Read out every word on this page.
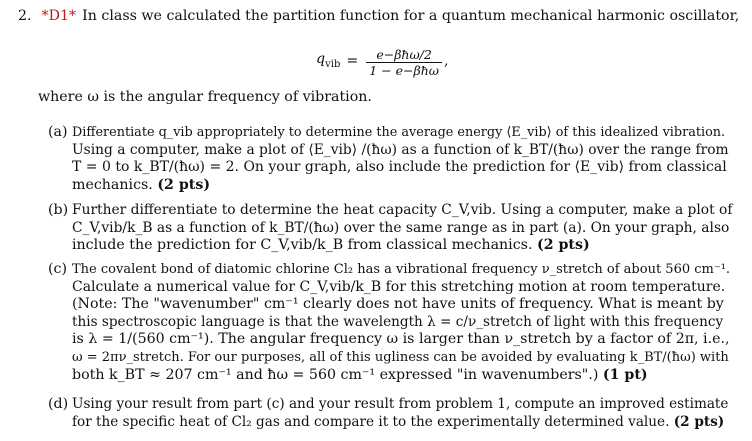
2. *D1* In class we calculated the partition function for a quantum mechanical harmonic oscillator,
$q_{vib} = \frac{\text{e−βħω/2}}{\text{1 − e−βħω}}$ ,
where ω is the angular frequency of vibration.
(a) Differentiate q_vib appropriately to determine the average energy ⟨E_vib⟩ of this idealized vibration.
Using a computer, make a plot of ⟨E_vib⟩ /(ħω) as a function of k_BT/(ħω) over the range from
T = 0 to k_BT/(ħω) = 2. On your graph, also include the prediction for ⟨E_vib⟩ from classical
mechanics. (2 pts)
(b) Further differentiate to determine the heat capacity C_V,vib. Using a computer, make a plot of
C_V,vib/k_B as a function of k_BT/(ħω) over the same range as in part (a). On your graph, also
include the prediction for C_V,vib/k_B from classical mechanics. (2 pts)
(c) The covalent bond of diatomic chlorine Cl₂ has a vibrational frequency ν_stretch of about 560 cm⁻¹.
Calculate a numerical value for C_V,vib/k_B for this stretching motion at room temperature.
(Note: The "wavenumber" cm⁻¹ clearly does not have units of frequency. What is meant by
this spectroscopic language is that the wavelength λ = c/ν_stretch of light with this frequency
is λ = 1/(560 cm⁻¹). The angular frequency ω is larger than ν_stretch by a factor of 2π, i.e.,
ω = 2πν_stretch. For our purposes, all of this ugliness can be avoided by evaluating k_BT/(ħω) with
both k_BT ≈ 207 cm⁻¹ and ħω = 560 cm⁻¹ expressed "in wavenumbers".) (1 pt)
(d) Using your result from part (c) and your result from problem 1, compute an improved estimate
for the specific heat of Cl₂ gas and compare it to the experimentally determined value. (2 pts)
